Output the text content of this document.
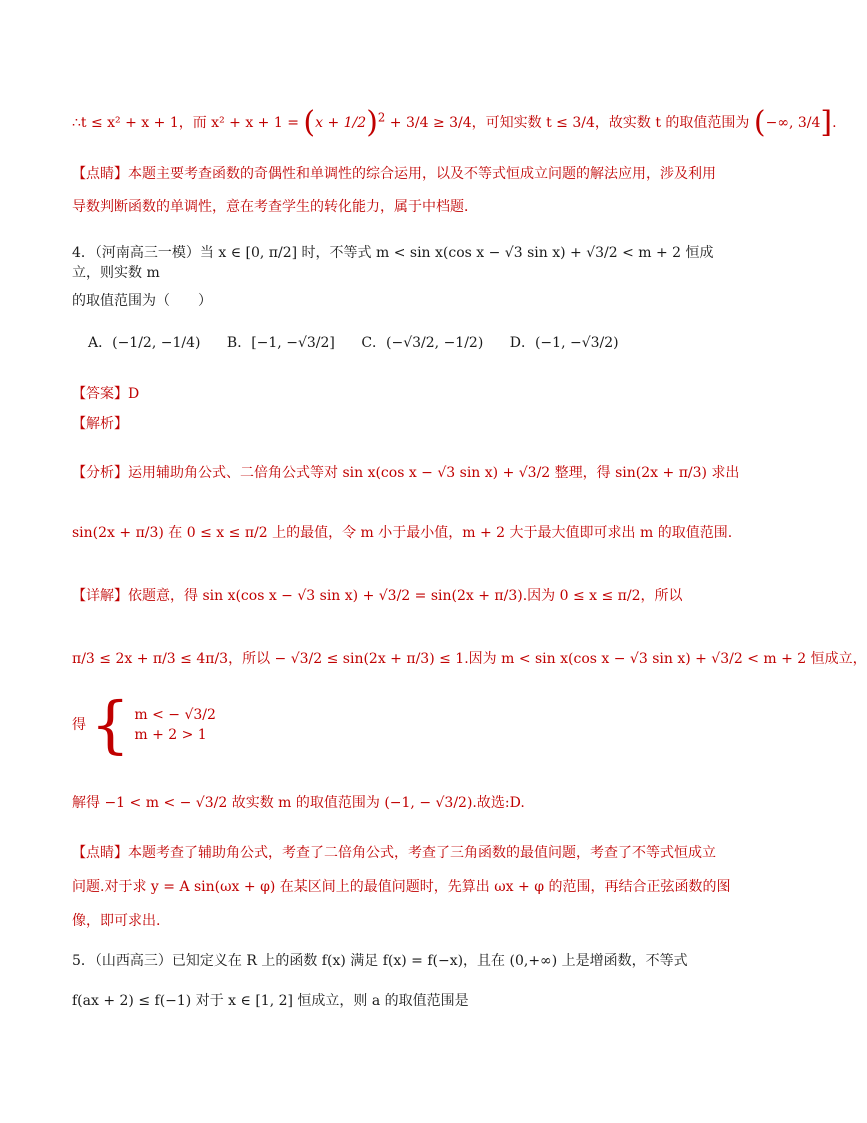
∴t ≤ x² + x + 1，而 $x^2 + x + 1 = (x + 1/2)^2 + 3/4 \ge 3/4$，可知实数 t ≤ 3/4，故实数 t 的取值范围为 (−∞, 3/4].
【点睛】本题主要考查函数的奇偶性和单调性的综合运用，以及不等式恒成立问题的解法应用，涉及利用
导数判断函数的单调性，意在考查学生的转化能力，属于中档题．
4．（河南高三一模）当 x ∈ [0, π/2] 时，不等式 m < sin x(cos x − √3 sin x) + √3/2 < m + 2 恒成立，则实数 m
的取值范围为（　　）
A．(−1/2, −1/4) B．[−1, −√3/2] C．(−√3/2, −1/2) D．(−1, −√3/2)
【答案】D
【解析】
【分析】运用辅助角公式、二倍角公式等对 sin x(cos x − √3 sin x) + √3/2 整理，得 sin(2x + π/3) 求出
sin(2x + π/3) 在 0 ≤ x ≤ π/2 上的最值，令 m 小于最小值，m + 2 大于最大值即可求出 m 的取值范围.
【详解】依题意，得 sin x(cos x − √3 sin x) + √3/2 = sin(2x + π/3).因为 0 ≤ x ≤ π/2，所以
π/3 ≤ 2x + π/3 ≤ 4π/3，所以 − √3/2 ≤ sin(2x + π/3) ≤ 1.因为 m < sin x(cos x − √3 sin x) + √3/2 < m + 2 恒成立，
得 { m < − √3/2
m + 2 > 1
解得 −1 < m < − √3/2 故实数 m 的取值范围为 (−1, − √3/2).故选:D.
【点睛】本题考查了辅助角公式，考查了二倍角公式，考查了三角函数的最值问题，考查了不等式恒成立
问题.对于求 y = A sin(ωx + φ) 在某区间上的最值问题时，先算出 ωx + φ 的范围，再结合正弦函数的图
像，即可求出.
5．（山西高三）已知定义在 R 上的函数 f(x) 满足 f(x) = f(−x)，且在 (0,+∞) 上是增函数，不等式
f(ax + 2) ≤ f(−1) 对于 x ∈ [1, 2] 恒成立，则 a 的取值范围是
